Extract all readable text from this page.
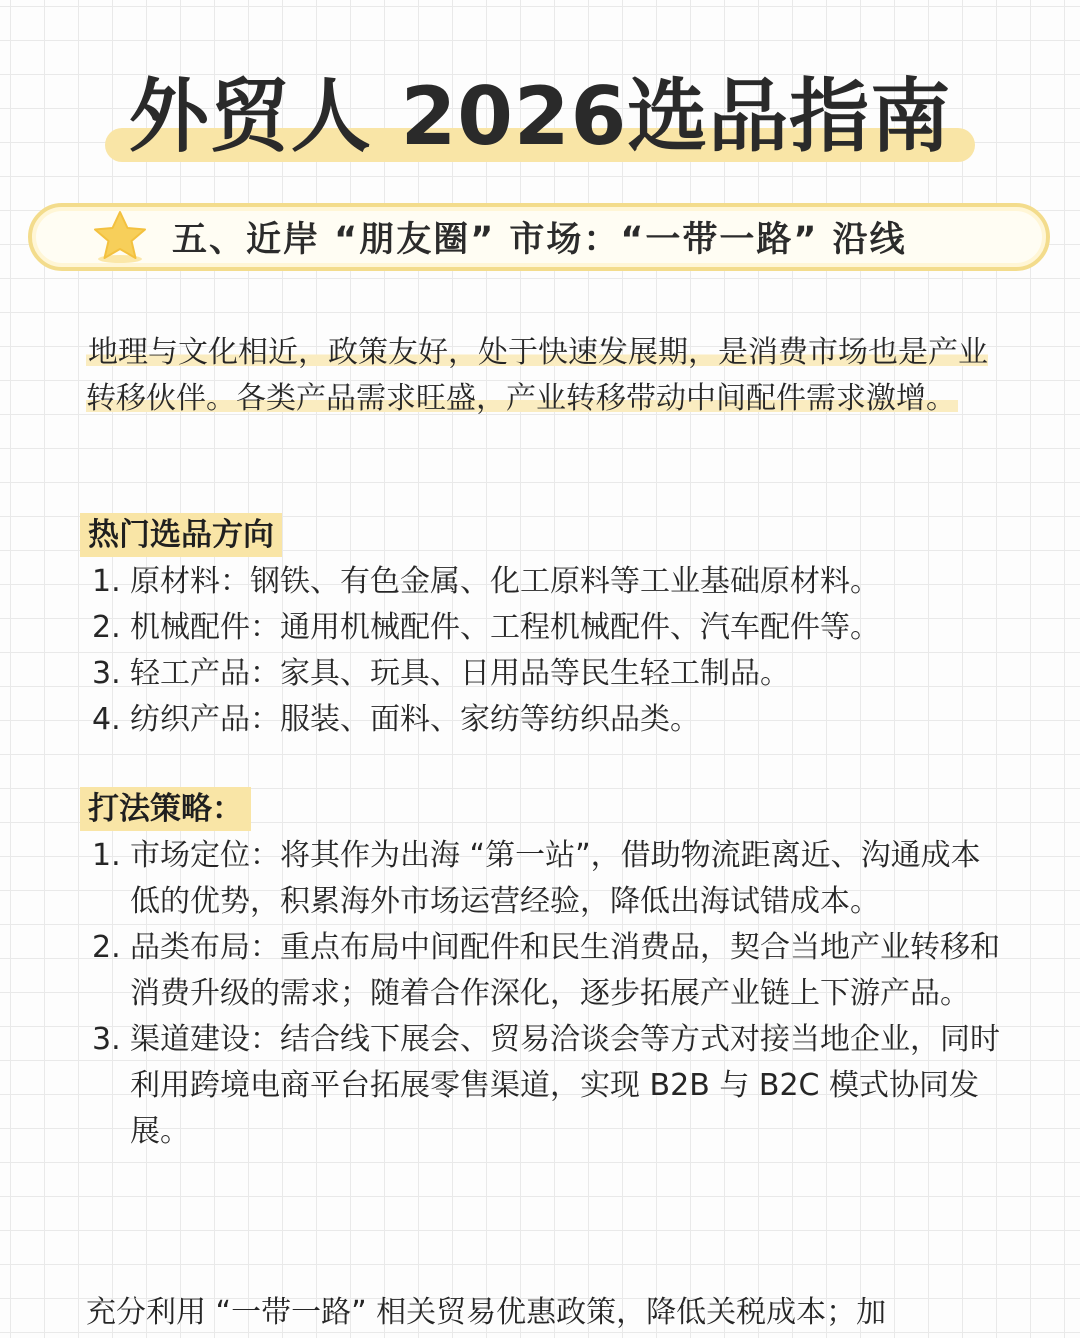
外贸人 2026选品指南
五、近岸 “朋友圈” 市场：“一带一路” 沿线
地理与文化相近，政策友好，处于快速发展期，是消费市场也是产业转移伙伴。各类产品需求旺盛，产业转移带动中间配件需求激增。
热门选品方向
1. 原材料：钢铁、有色金属、化工原料等工业基础原材料。
2. 机械配件：通用机械配件、工程机械配件、汽车配件等。
3. 轻工产品：家具、玩具、日用品等民生轻工制品。
4. 纺织产品：服装、面料、家纺等纺织品类。
打法策略：
1. 市场定位：将其作为出海 “第一站”，借助物流距离近、沟通成本低的优势，积累海外市场运营经验，降低出海试错成本。
2. 品类布局：重点布局中间配件和民生消费品，契合当地产业转移和消费升级的需求；随着合作深化，逐步拓展产业链上下游产品。
3. 渠道建设：结合线下展会、贸易洽谈会等方式对接当地企业，同时利用跨境电商平台拓展零售渠道，实现 B2B 与 B2C 模式协同发展。
充分利用 “一带一路” 相关贸易优惠政策，降低关税成本；加
